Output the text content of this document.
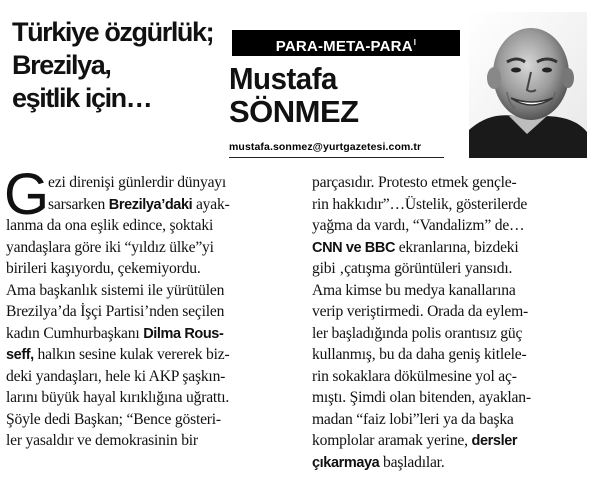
Türkiye özgürlük;
Brezilya,
eşitlik için…
PARA-$META-PARA^I$
Mustafa
SÖNMEZ
mustafa.sonmez@yurtgazetesi.com.tr
G
ezi direnişi günlerdir dünyayı
sarsarken Brezilya’daki ayak-
lanma da ona eşlik edince, şoktaki
yandaşlara göre iki “yıldız ülke”yi
birileri kaşıyordu, çekemiyordu.
Ama başkanlık sistemi ile yürütülen
Brezilya’da İşçi Partisi’nden seçilen
kadın Cumhurbaşkanı Dilma Rous-
seff, halkın sesine kulak vererek biz-
deki yandaşları, hele ki AKP şaşkın-
larını büyük hayal kırıklığına uğrattı.
Şöyle dedi Başkan; “Bence gösteri-
ler yasaldır ve demokrasinin bir
parçasıdır. Protesto etmek gençle-
rin hakkıdır”…Üstelik, gösterilerde
yağma da vardı, “Vandalizm” de…
CNN ve BBC ekranlarına, bizdeki
gibi ‚çatışma görüntüleri yansıdı.
Ama kimse bu medya kanallarına
verip veriştirmedi. Orada da eylem-
ler başladığında polis orantısız güç
kullanmış, bu da daha geniş kitlele-
rin sokaklara dökülmesine yol aç-
mıştı. Şimdi olan bitenden, ayaklan-
madan “faiz lobi”leri ya da başka
komplolar aramak yerine, dersler
çıkarmaya başladılar.
